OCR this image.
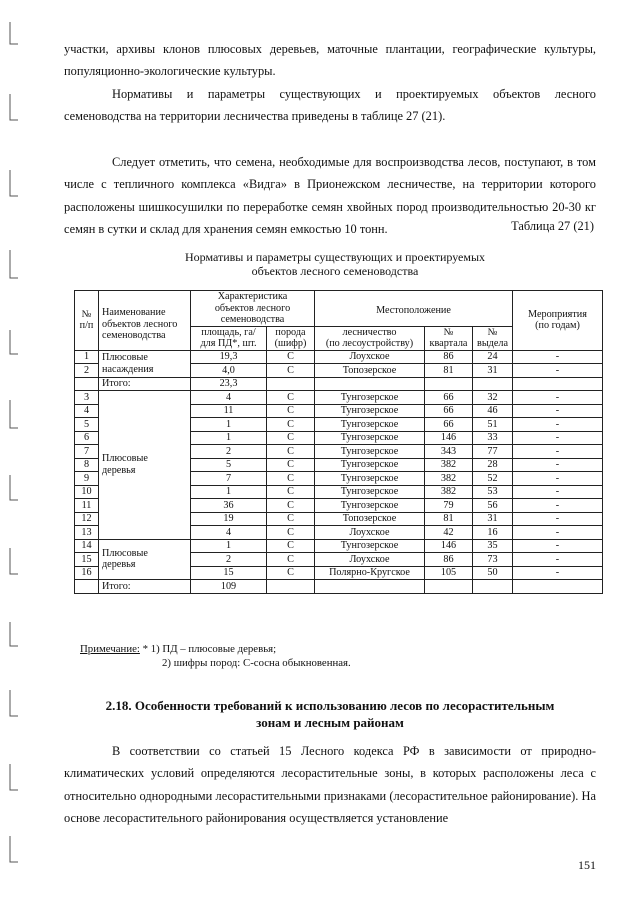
участки, архивы клонов плюсовых деревьев, маточные плантации, географические культуры, популяционно-экологические культуры.

Нормативы и параметры существующих и проектируемых объектов лесного семеноводства на территории лесничества приведены в таблице 27 (21).

Следует отметить, что семена, необходимые для воспроизводства лесов, поступают, в том числе с тепличного комплекса «Видга» в Прионежском лесничестве, на территории которого расположены шишкосушилки по переработке семян хвойных пород производительностью 20-30 кг семян в сутки и склад для хранения семян емкостью 10 тонн.	Таблица 27 (21)
Нормативы и параметры существующих и проектируемых
объектов лесного семеноводства
№
п/п	Наименование
объектов лесного
семеноводства	Характеристика
объектов лесного
семеноводства		Местоположение			Мероприятия
(по годам)

		площадь, га/
для ПД*, шт.	порода
(шифр)	лесничество
(по лесоустройству)	№
квартала	№
выдела	
1	Плюсовые
насаждения	19,3	С	Лоухское	86	24	-
2		4,0	С	Топозерское	81	31	-
	Итого:	23,3					
3	Плюсовые
деревья	4	С	Тунгозерское	66	32	-
4		11	С	Тунгозерское	66	46	-
5		1	С	Тунгозерское	66	51	-
6		1	С	Тунгозерское	146	33	-
7		2	С	Тунгозерское	343	77	-
8		5	С	Тунгозерское	382	28	-
9		7	С	Тунгозерское	382	52	-
10		1	С	Тунгозерское	382	53	-
11		36	С	Тунгозерское	79	56	-
12		19	С	Топозерское	81	31	-
13		4	С	Лоухское	42	16	-
14	Плюсовые
деревья	1	С	Тунгозерское	146	35	-
15		2	С	Лоухское	86	73	-
16		15	С	Полярно-Кругское	105	50	-
	Итого:	109					
Примечание: * 1) ПД – плюсовые деревья;
2) шифры пород: С-сосна обыкновенная.
2.18. Особенности требований к использованию лесов по лесорастительным
зонам и лесным районам

В соответствии со статьей 15 Лесного кодекса РФ в зависимости от природно-климатических условий определяются лесорастительные зоны, в которых расположены леса с относительно однородными лесорастительными признаками (лесорастительное районирование). На основе лесорастительного районирования осуществляется установление

151
